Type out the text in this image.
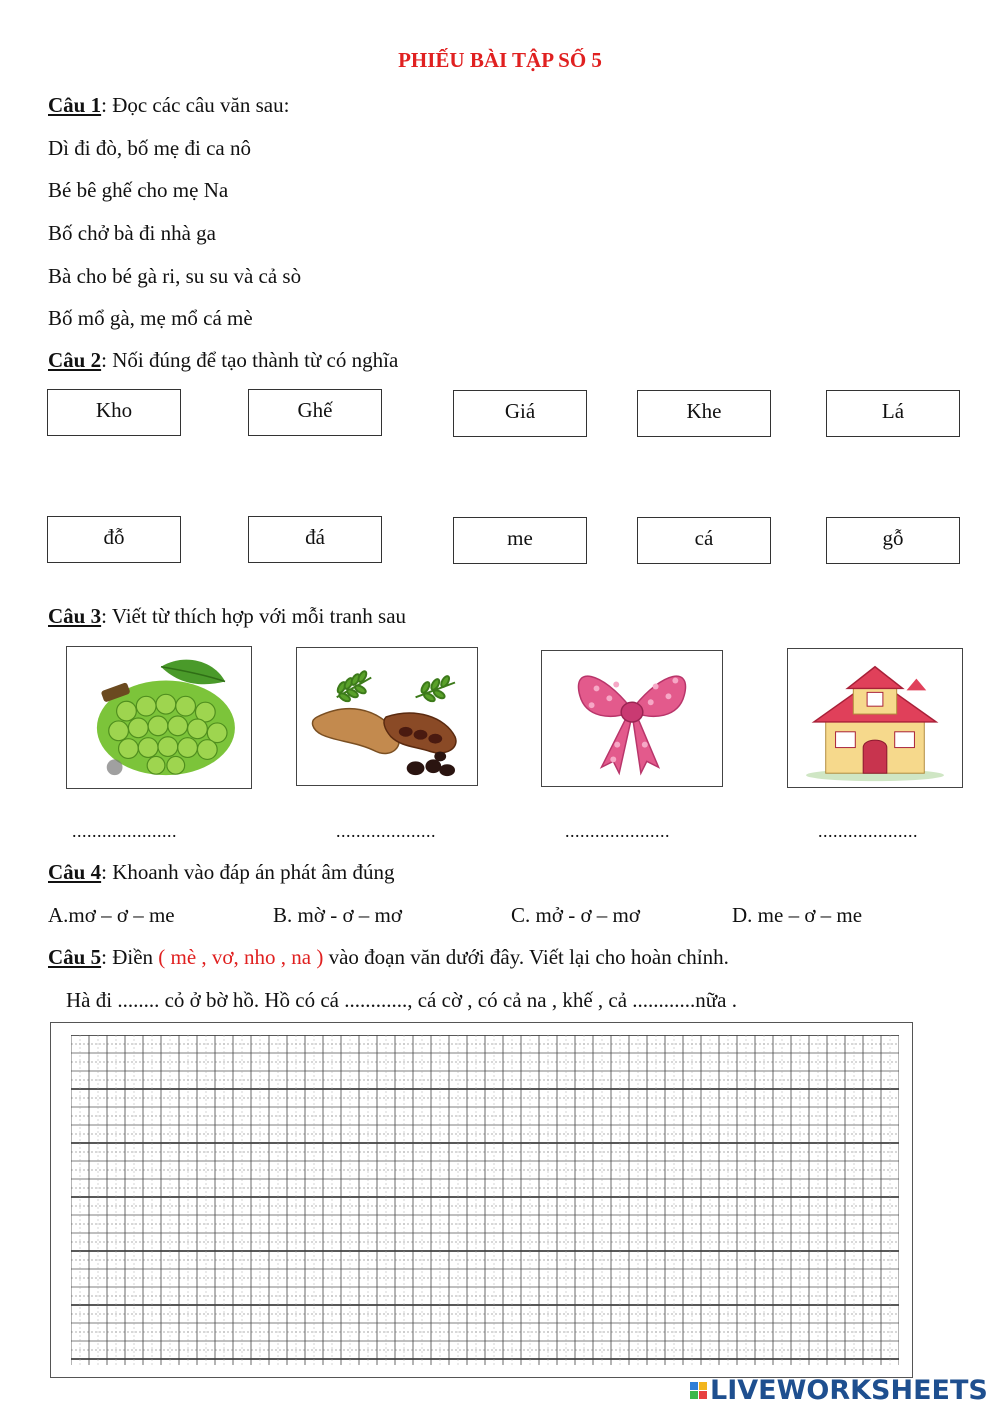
PHIẾU BÀI TẬP SỐ 5
Câu 1: Đọc các câu văn sau:
Dì đi đò, bố mẹ đi ca nô
Bé bê ghế cho mẹ Na
Bố chở bà đi nhà ga
Bà cho bé gà ri, su su và cả sò
Bố mổ gà, mẹ mổ cá mè
Câu 2: Nối đúng để tạo thành từ có nghĩa
Kho	Ghế	Giá	Khe	Lá
đỗ	đá	me	cá	gỗ
Câu 3: Viết từ thích hợp với mỗi tranh sau
.....................	....................	.....................	....................
Câu 4: Khoanh vào đáp án phát âm đúng
A.mơ – ơ – me	B. mờ - ơ – mơ	C. mở - ơ – mơ	D. me – ơ – me
Câu 5: Điền ( mè , vơ, nho , na ) vào đoạn văn dưới đây. Viết lại cho hoàn chỉnh.
Hà đi ........ cỏ ở bờ hồ. Hồ có cá ............, cá cờ , có cả na , khế , cả ............nữa .
LIVEWORKSHEETS
